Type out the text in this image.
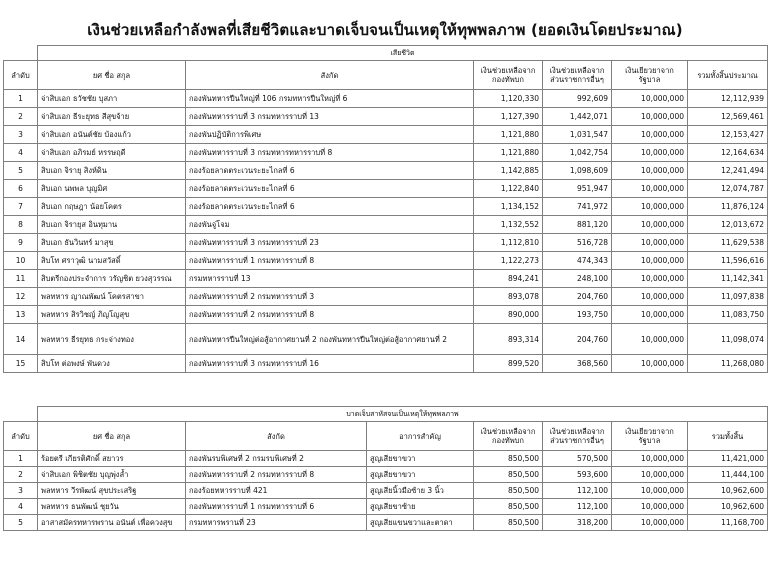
เงินช่วยเหลือกำลังพลที่เสียชีวิตและบาดเจ็บจนเป็นเหตุให้ทุพพลภาพ (ยอดเงินโดยประมาณ)
	เสียชีวิต					
ลำดับ	ยศ ชื่อ สกุล	สังกัด	เงินช่วยเหลือจากกองทัพบก	เงินช่วยเหลือจากส่วนราชการอื่นๆ	เงินเยียวยาจากรัฐบาล	รวมทั้งสิ้นประมาณ
1	จ่าสิบเอก ธวัชชัย บุสภา	กองพันทหารปืนใหญ่ที่ 106 กรมทหารปืนใหญ่ที่ 6	1,120,330	992,609	10,000,000	12,112,939
2	จ่าสิบเอก ธีระยุทธ สีสุขจ้าย	กองพันทหารราบที่ 3 กรมทหารราบที่ 13	1,127,390	1,442,071	10,000,000	12,569,461
3	จ่าสิบเอก อนันต์ชัย บ้องแก้ว	กองพันปฏิบัติการพิเศษ	1,121,880	1,031,547	10,000,000	12,153,427
4	จ่าสิบเอก อภิรมย์ หรรษฤดี	กองพันทหารราบที่ 3 กรมทหารทหารราบที่ 8	1,121,880	1,042,754	10,000,000	12,164,634
5	สิบเอก จิรายุ สิงห์ดิน	กองร้อยลาดตระเวนระยะไกลที่ 6	1,142,885	1,098,609	10,000,000	12,241,494
6	สิบเอก นพพล บุญมิศ	กองร้อยลาดตระเวนระยะไกลที่ 6	1,122,840	951,947	10,000,000	12,074,787
7	สิบเอก กฤษฎา น้อยโคตร	กองร้อยลาดตระเวนระยะไกลที่ 6	1,134,152	741,972	10,000,000	11,876,124
8	สิบเอก จิรายุส อินทุมาน	กองพันจู่โจม	1,132,552	881,120	10,000,000	12,013,672
9	สิบเอก ธันวินทร์ มาสุข	กองพันทหารราบที่ 3 กรมทหารราบที่ 23	1,112,810	516,728	10,000,000	11,629,538
10	สิบโท ศราวุฒิ นามสวัสดิ์	กองพันทหารราบที่ 1 กรมทหารราบที่ 8	1,122,273	474,343	10,000,000	11,596,616
11	สิบตรีกองประจำการ วรัญชิต ยวงสุวรรณ	กรมทหารราบที่ 13	894,241	248,100	10,000,000	11,142,341
12	พลทหาร ญาณพัฒน์ โคตรสาขา	กองพันทหารราบที่ 2 กรมทหารราบที่ 3	893,078	204,760	10,000,000	11,097,838
13	พลทหาร สิรวิชญ์ ภิญโญสุข	กองพันทหารราบที่ 2 กรมทหารราบที่ 8	890,000	193,750	10,000,000	11,083,750
14	พลทหาร ธีรยุทธ กระจ่างทอง	กองพันทหารปืนใหญ่ต่อสู้อากาศยานที่ 2 กองพันทหารปืนใหญ่ต่อสู้อากาศยานที่ 2	893,314	204,760	10,000,000	11,098,074
15	สิบโท ต่อพงษ์ พันดวง	กองพันทหารราบที่ 3 กรมทหารราบที่ 16	899,520	368,560	10,000,000	11,268,080
	บาดเจ็บสาหัสจนเป็นเหตุให้ทุพพลภาพ						
ลำดับ	ยศ ชื่อ สกุล	สังกัด	อาการสำคัญ	เงินช่วยเหลือจากกองทัพบก	เงินช่วยเหลือจากส่วนราชการอื่นๆ	เงินเยียวยาจากรัฐบาล	รวมทั้งสิ้น
1	ร้อยตรี เกียรติศักดิ์ สยาวร	กองพันรบพิเศษที่ 2 กรมรบพิเศษที่ 2	สูญเสียขาขวา	850,500	570,500	10,000,000	11,421,000
2	จ่าสิบเอก พิชิตชัย บุญพุ่งล้ำ	กองพันทหารราบที่ 2 กรมทหารราบที่ 8	สูญเสียขาขวา	850,500	593,600	10,000,000	11,444,100
3	พลทหาร วีรพัฒน์ สุขประเสริฐ	กองร้อยทหารราบที่ 421	สูญเสียนิ้วมือซ้าย 3 นิ้ว	850,500	112,100	10,000,000	10,962,600
4	พลทหาร ธนพัฒน์ ชุยวัน	กองพันทหารราบที่ 1 กรมทหารราบที่ 6	สูญเสียขาซ้าย	850,500	112,100	10,000,000	10,962,600
5	อาสาสมัครทหารพราน อนันต์ เพื่อควงสุข	กรมทหารพรานที่ 23	สูญเสียแขนขวาและตาดา	850,500	318,200	10,000,000	11,168,700
